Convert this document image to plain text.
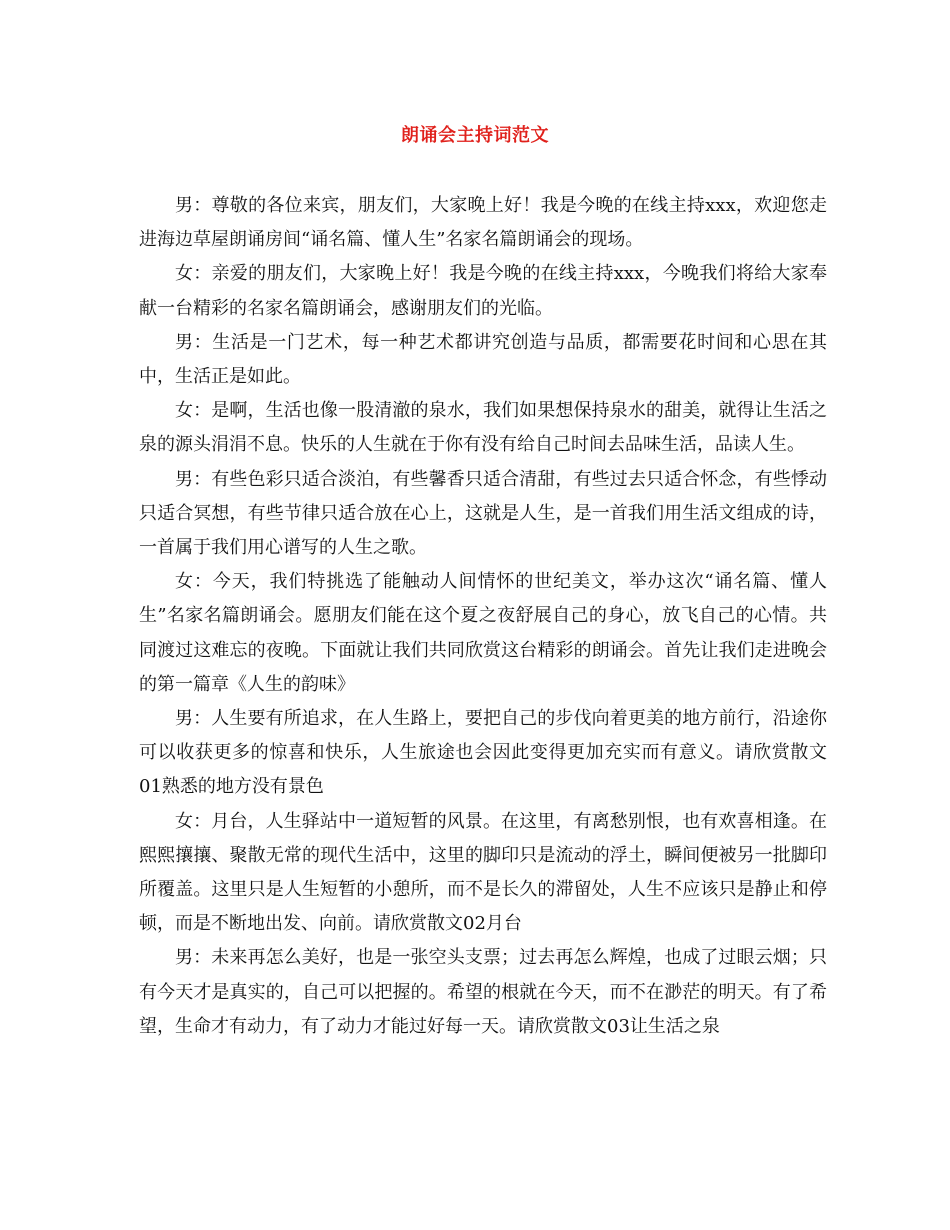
朗诵会主持词范文

男：尊敬的各位来宾，朋友们，大家晚上好！我是今晚的在线主持xxx，欢迎您走进海边草屋朗诵房间“诵名篇、懂人生”名家名篇朗诵会的现场。

女：亲爱的朋友们，大家晚上好！我是今晚的在线主持xxx，今晚我们将给大家奉献一台精彩的名家名篇朗诵会，感谢朋友们的光临。

男：生活是一门艺术，每一种艺术都讲究创造与品质，都需要花时间和心思在其中，生活正是如此。

女：是啊，生活也像一股清澈的泉水，我们如果想保持泉水的甜美，就得让生活之泉的源头涓涓不息。快乐的人生就在于你有没有给自己时间去品味生活，品读人生。

男：有些色彩只适合淡泊，有些馨香只适合清甜，有些过去只适合怀念，有些悸动只适合冥想，有些节律只适合放在心上，这就是人生，是一首我们用生活文组成的诗，一首属于我们用心谱写的人生之歌。

女：今天，我们特挑选了能触动人间情怀的世纪美文，举办这次“诵名篇、懂人生”名家名篇朗诵会。愿朋友们能在这个夏之夜舒展自己的身心，放飞自己的心情。共同渡过这难忘的夜晚。下面就让我们共同欣赏这台精彩的朗诵会。首先让我们走进晚会的第一篇章《人生的韵味》

男：人生要有所追求，在人生路上，要把自己的步伐向着更美的地方前行，沿途你可以收获更多的惊喜和快乐，人生旅途也会因此变得更加充实而有意义。请欣赏散文01熟悉的地方没有景色

女：月台，人生驿站中一道短暂的风景。在这里，有离愁别恨，也有欢喜相逢。在熙熙攘攘、聚散无常的现代生活中，这里的脚印只是流动的浮土，瞬间便被另一批脚印所覆盖。这里只是人生短暂的小憩所，而不是长久的滞留处，人生不应该只是静止和停顿，而是不断地出发、向前。请欣赏散文02月台

男：未来再怎么美好，也是一张空头支票；过去再怎么辉煌，也成了过眼云烟；只有今天才是真实的，自己可以把握的。希望的根就在今天，而不在渺茫的明天。有了希望，生命才有动力，有了动力才能过好每一天。请欣赏散文03让生活之泉
